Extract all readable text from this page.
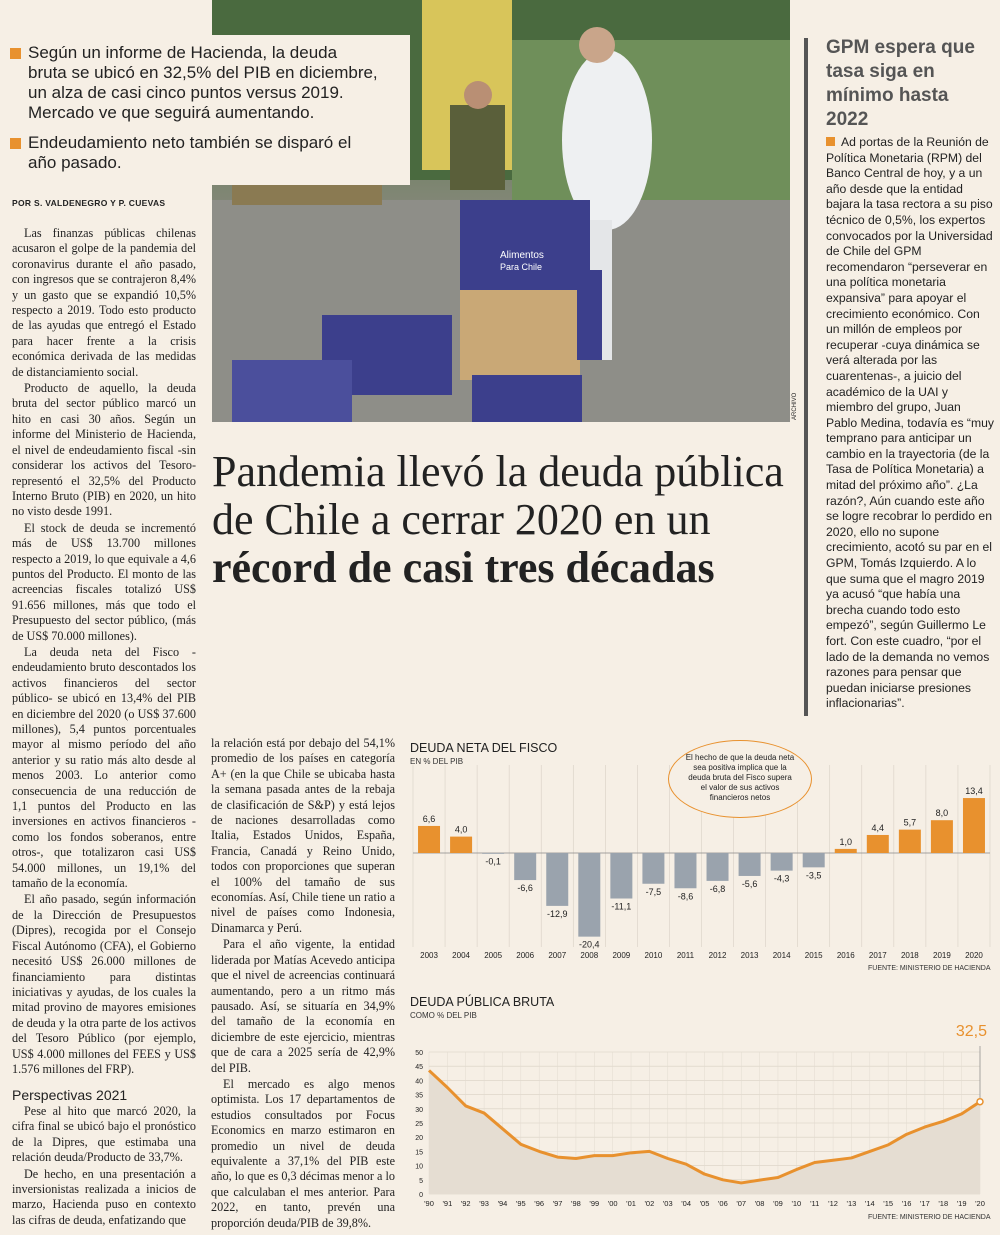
Alimentos
Para Chile
ARCHIVO
Según un informe de Hacienda, la deuda bruta se ubicó en 32,5% del PIB en diciembre, un alza de casi cinco puntos versus 2019. Mercado ve que seguirá aumentando.
Endeudamiento neto también se disparó el año pasado.
POR S. VALDENEGRO Y P. CUEVAS

Las finanzas públicas chilenas acusaron el golpe de la pandemia del coronavirus durante el año pasado, con ingresos que se contrajeron 8,4% y un gasto que se expandió 10,5% respecto a 2019. Todo esto producto de las ayudas que entregó el Estado para hacer frente a la crisis económica derivada de las medidas de distanciamiento social.

Producto de aquello, la deuda bruta del sector público marcó un hito en casi 30 años. Según un informe del Ministerio de Hacienda, el nivel de endeudamiento fiscal -sin considerar los activos del Tesoro- representó el 32,5% del Producto Interno Bruto (PIB) en 2020, un hito no visto desde 1991.

El stock de deuda se incrementó más de US$ 13.700 millones respecto a 2019, lo que equivale a 4,6 puntos del Producto. El monto de las acreencias fiscales totalizó US$ 91.656 millones, más que todo el Presupuesto del sector público, (más de US$ 70.000 millones).

La deuda neta del Fisco -endeudamiento bruto descontados los activos financieros del sector público- se ubicó en 13,4% del PIB en diciembre del 2020 (o US$ 37.600 millones), 5,4 puntos porcentuales mayor al mismo período del año anterior y su ratio más alto desde al menos 2003. Lo anterior como consecuencia de una reducción de 1,1 puntos del Producto en las inversiones en activos financieros -como los fondos soberanos, entre otros-, que totalizaron casi US$ 54.000 millones, un 19,1% del tamaño de la economía.

El año pasado, según información de la Dirección de Presupuestos (Dipres), recogida por el Consejo Fiscal Autónomo (CFA), el Gobierno necesitó US$ 26.000 millones de financiamiento para distintas iniciativas y ayudas, de los cuales la mitad provino de mayores emisiones de deuda y la otra parte de los activos del Tesoro Público (por ejemplo, US$ 4.000 millones del FEES y US$ 1.576 millones del FRP).

Perspectivas 2021

Pese al hito que marcó 2020, la cifra final se ubicó bajo el pronóstico de la Dipres, que estimaba una relación deuda/Producto de 33,7%.

De hecho, en una presentación a inversionistas realizada a inicios de marzo, Hacienda puso en contexto las cifras de deuda, enfatizando que

Pandemia llevó la deuda pública de Chile a cerrar 2020 en un récord de casi tres décadas

la relación está por debajo del 54,1% promedio de los países en categoría A+ (en la que Chile se ubicaba hasta la semana pasada antes de la rebaja de clasificación de S&P) y está lejos de naciones desarrolladas como Italia, Estados Unidos, España, Francia, Canadá y Reino Unido, todos con proporciones que superan el 100% del tamaño de sus economías. Así, Chile tiene un ratio a nivel de países como Indonesia, Dinamarca y Perú.

Para el año vigente, la entidad liderada por Matías Acevedo anticipa que el nivel de acreencias continuará aumentando, pero a un ritmo más pausado. Así, se situaría en 34,9% del tamaño de la economía en diciembre de este ejercicio, mientras que de cara a 2025 sería de 42,9% del PIB.

El mercado es algo menos optimista. Los 17 departamentos de estudios consultados por Focus Economics en marzo estimaron en promedio un nivel de deuda equivalente a 37,1% del PIB este año, lo que es 0,3 décimas menor a lo que calculaban el mes anterior. Para 2022, en tanto, prevén una proporción deuda/PIB de 39,8%.

GPM espera que tasa siga en mínimo hasta 2022
Ad portas de la Reunión de Política Monetaria (RPM) del Banco Central de hoy, y a un año desde que la entidad bajara la tasa rectora a su piso técnico de 0,5%, los expertos convocados por la Universidad de Chile del GPM recomendaron “perseverar en una política monetaria expansiva” para apoyar el crecimiento económico. Con un millón de empleos por recuperar -cuya dinámica se verá alterada por las cuarentenas-, a juicio del académico de la UAI y miembro del grupo, Juan Pablo Medina, todavía es “muy temprano para anticipar un cambio en la trayectoria (de la Tasa de Política Monetaria) a mitad del próximo año”. ¿La razón?, Aún cuando este año se logre recobrar lo perdido en 2020, ello no supone crecimiento, acotó su par en el GPM, Tomás Izquierdo. A lo que suma que el magro 2019 ya acusó “que había una brecha cuando todo esto empezó”, según Guillermo Le fort. Con este cuadro, “por el lado de la demanda no vemos razones para pensar que puedan iniciarse presiones inflacionarias”.
DEUDA NETA DEL FISCO
EN % DEL PIB
6,6
2003
4,0
2004
-0,1
2005
-6,6
2006
-12,9
2007
-20,4
2008
-11,1
2009
-7,5
2010
-8,6
2011
-6,8
2012
-5,6
2013
-4,3
2014
-3,5
2015
1,0
2016
4,4
2017
5,7
2018
8,0
2019
13,4
2020
FUENTE: MINISTERIO DE HACIENDA
El hecho de que la deuda neta sea positiva implica que la deuda bruta del Fisco supera el valor de sus activos financieros netos
DEUDA PÚBLICA BRUTA
COMO % DEL PIB
0
5
10
15
20
25
30
35
40
45
50
'90 '91 '92 '93 '94 '95 '96 '97 '98 '99 '00 '01 '02 '03 '04 '05 '06 '07 '08 '09 '10 '11 '12 '13 '14 '15 '16 '17 '18 '19 '20
32,5
FUENTE: MINISTERIO DE HACIENDA
